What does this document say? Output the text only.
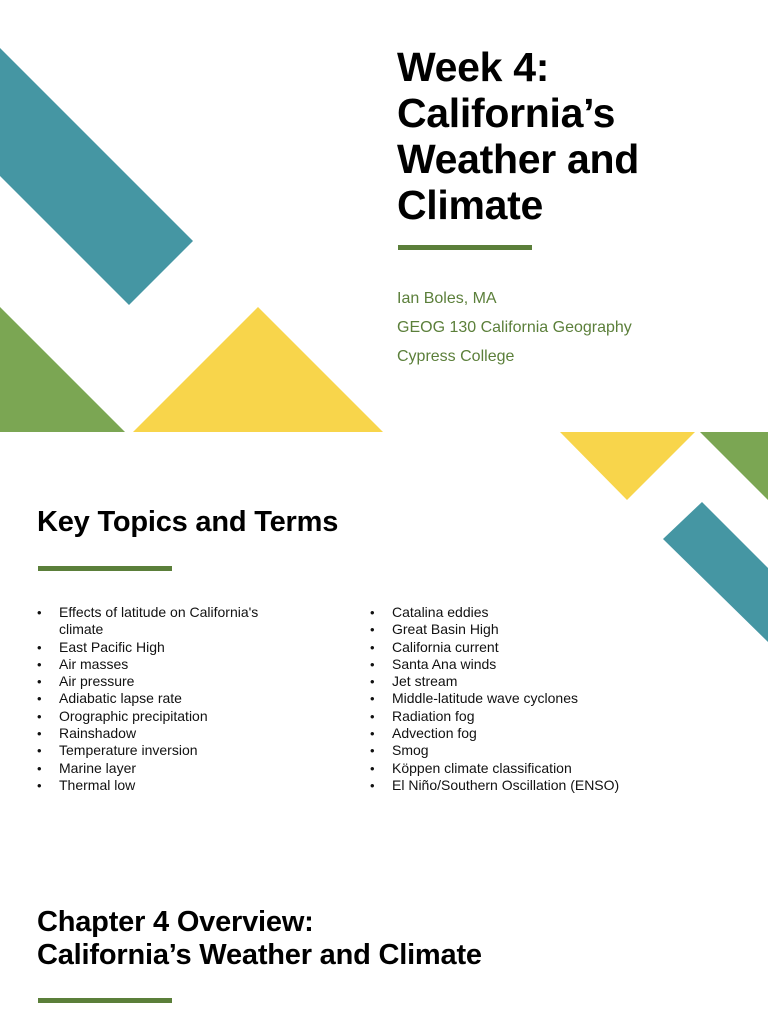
Week 4:
California’s
Weather and
Climate
Ian Boles, MA
GEOG 130 California Geography
Cypress College
Key Topics and Terms
• Effects of latitude on California's climate
• East Pacific High
• Air masses
• Air pressure
• Adiabatic lapse rate
• Orographic precipitation
• Rainshadow
• Temperature inversion
• Marine layer
• Thermal low
• Catalina eddies
• Great Basin High
• California current
• Santa Ana winds
• Jet stream
• Middle-latitude wave cyclones
• Radiation fog
• Advection fog
• Smog
• Köppen climate classification
• El Niño/Southern Oscillation (ENSO)
Chapter 4 Overview:
California’s Weather and Climate
